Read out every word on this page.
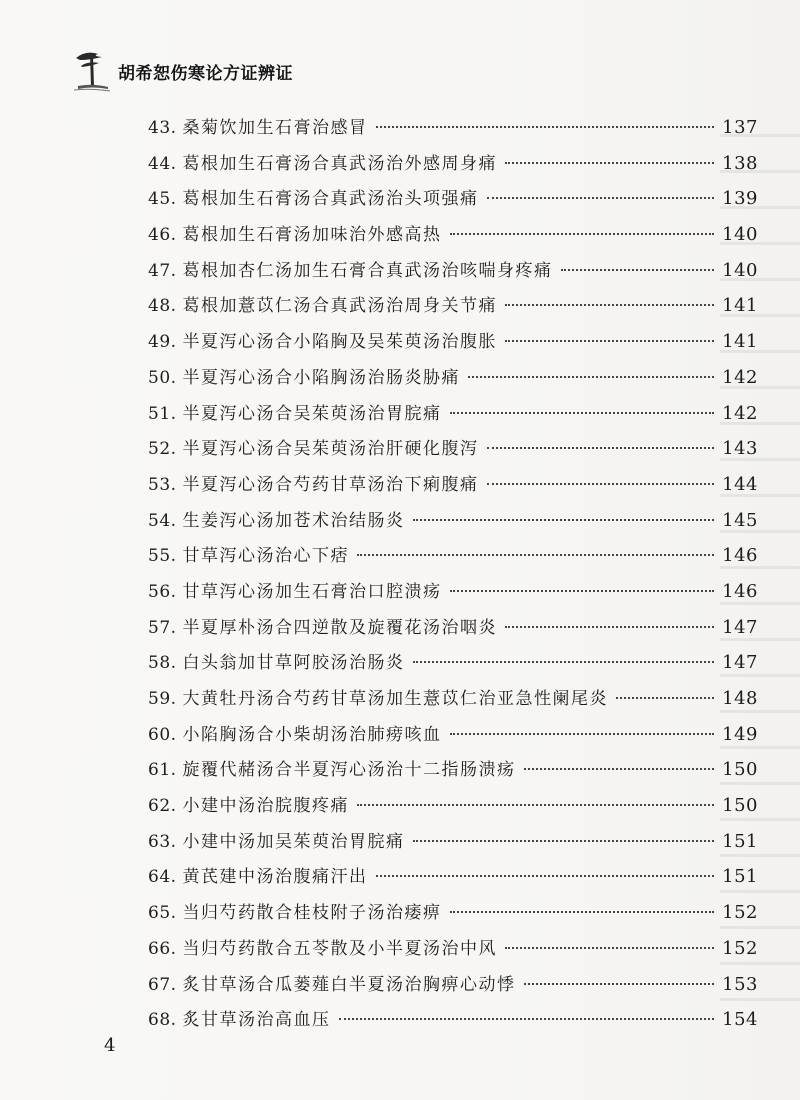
胡希恕伤寒论方证辨证
43. 桑菊饮加生石膏治感冒	137
44. 葛根加生石膏汤合真武汤治外感周身痛	138
45. 葛根加生石膏汤合真武汤治头项强痛	139
46. 葛根加生石膏汤加味治外感高热	140
47. 葛根加杏仁汤加生石膏合真武汤治咳喘身疼痛	140
48. 葛根加薏苡仁汤合真武汤治周身关节痛	141
49. 半夏泻心汤合小陷胸及吴茱萸汤治腹胀	141
50. 半夏泻心汤合小陷胸汤治肠炎胁痛	142
51. 半夏泻心汤合吴茱萸汤治胃脘痛	142
52. 半夏泻心汤合吴茱萸汤治肝硬化腹泻	143
53. 半夏泻心汤合芍药甘草汤治下痢腹痛	144
54. 生姜泻心汤加苍术治结肠炎	145
55. 甘草泻心汤治心下痞	146
56. 甘草泻心汤加生石膏治口腔溃疡	146
57. 半夏厚朴汤合四逆散及旋覆花汤治咽炎	147
58. 白头翁加甘草阿胶汤治肠炎	147
59. 大黄牡丹汤合芍药甘草汤加生薏苡仁治亚急性阑尾炎	148
60. 小陷胸汤合小柴胡汤治肺痨咳血	149
61. 旋覆代赭汤合半夏泻心汤治十二指肠溃疡	150
62. 小建中汤治脘腹疼痛	150
63. 小建中汤加吴茱萸治胃脘痛	151
64. 黄芪建中汤治腹痛汗出	151
65. 当归芍药散合桂枝附子汤治痿痹	152
66. 当归芍药散合五苓散及小半夏汤治中风	152
67. 炙甘草汤合瓜蒌薤白半夏汤治胸痹心动悸	153
68. 炙甘草汤治高血压	154
4
